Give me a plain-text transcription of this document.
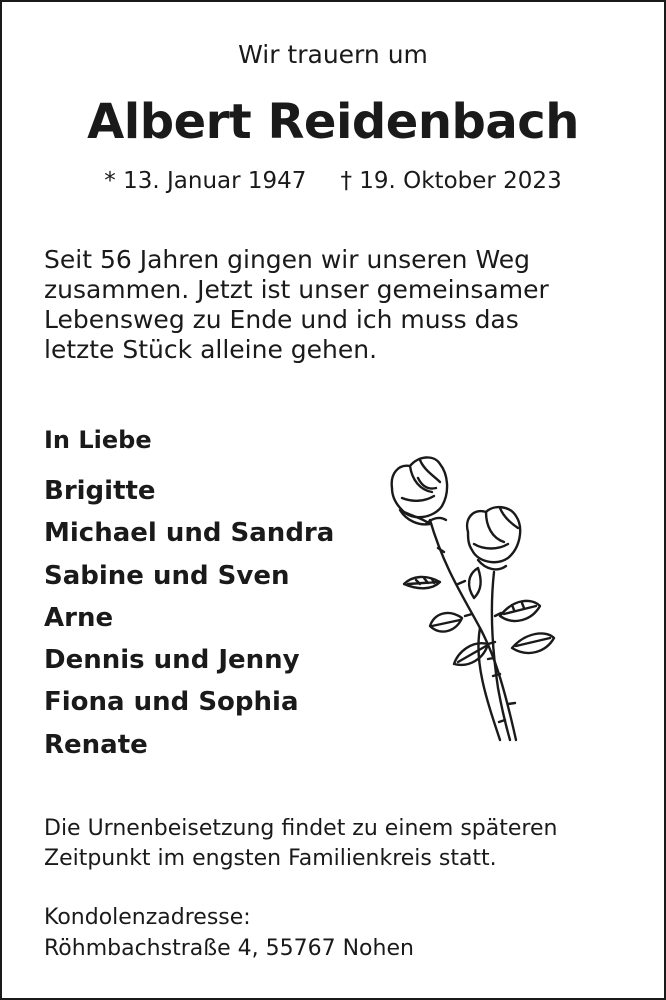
Wir trauern um

Albert Reidenbach

* 13. Januar 1947 † 19. Oktober 2023

Seit 56 Jahren gingen wir unseren Weg
zusammen. Jetzt ist unser gemeinsamer
Lebensweg zu Ende und ich muss das
letzte Stück alleine gehen.

In Liebe

Brigitte
Michael und Sandra
Sabine und Sven
Arne
Dennis und Jenny
Fiona und Sophia
Renate
Die Urnenbeisetzung findet zu einem späteren
Zeitpunkt im engsten Familienkreis statt.
Kondolenzadresse:
Röhmbachstraße 4, 55767 Nohen
